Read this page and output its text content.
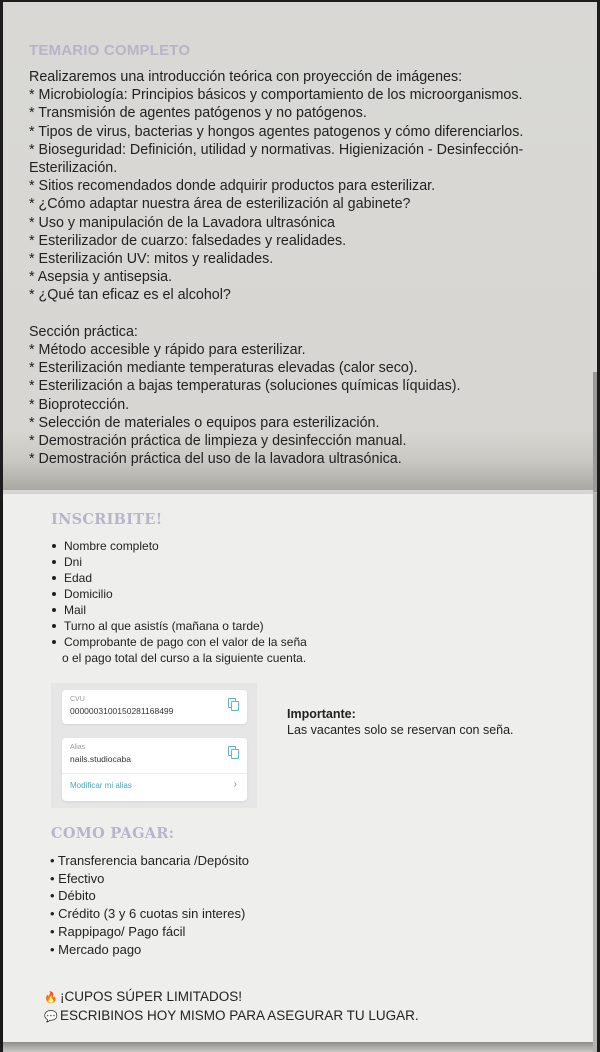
TEMARIO COMPLETO
Realizaremos una introducción teórica con proyección de imágenes:
* Microbiología: Principios básicos y comportamiento de los microorganismos.
* Transmisión de agentes patógenos y no patógenos.
* Tipos de virus, bacterias y hongos agentes patogenos y cómo diferenciarlos.
* Bioseguridad: Definición, utilidad y normativas. Higienización - Desinfección-
Esterilización.
* Sitios recomendados donde adquirir productos para esterilizar.
* ¿Cómo adaptar nuestra área de esterilización al gabinete?
* Uso y manipulación de la Lavadora ultrasónica
* Esterilizador de cuarzo: falsedades y realidades.
* Esterilización UV: mitos y realidades.
* Asepsia y antisepsia.
* ¿Qué tan eficaz es el alcohol?
Sección práctica:
* Método accesible y rápido para esterilizar.
* Esterilización mediante temperaturas elevadas (calor seco).
* Esterilización a bajas temperaturas (soluciones químicas líquidas).
* Bioprotección.
* Selección de materiales o equipos para esterilización.
* Demostración práctica de limpieza y desinfección manual.
* Demostración práctica del uso de la lavadora ultrasónica.
INSCRIBITE!
Nombre completo
Dni
Edad
Domicilio
Mail
Turno al que asistís (mañana o tarde)
Comprobante de pago con el valor de la seña
o el pago total del curso a la siguiente cuenta.
CVU
0000003100150281168499
Alias
nails.studiocaba
Modificar mi alias	›
Importante:
Las vacantes solo se reservan con seña.
COMO PAGAR:
• Transferencia bancaria /Depósito
• Efectivo
• Débito
• Crédito (3 y 6 cuotas sin interes)
• Rappipago/ Pago fácil
• Mercado pago
🔥 ¡CUPOS SÚPER LIMITADOS!
💬 ESCRIBINOS HOY MISMO PARA ASEGURAR TU LUGAR.
